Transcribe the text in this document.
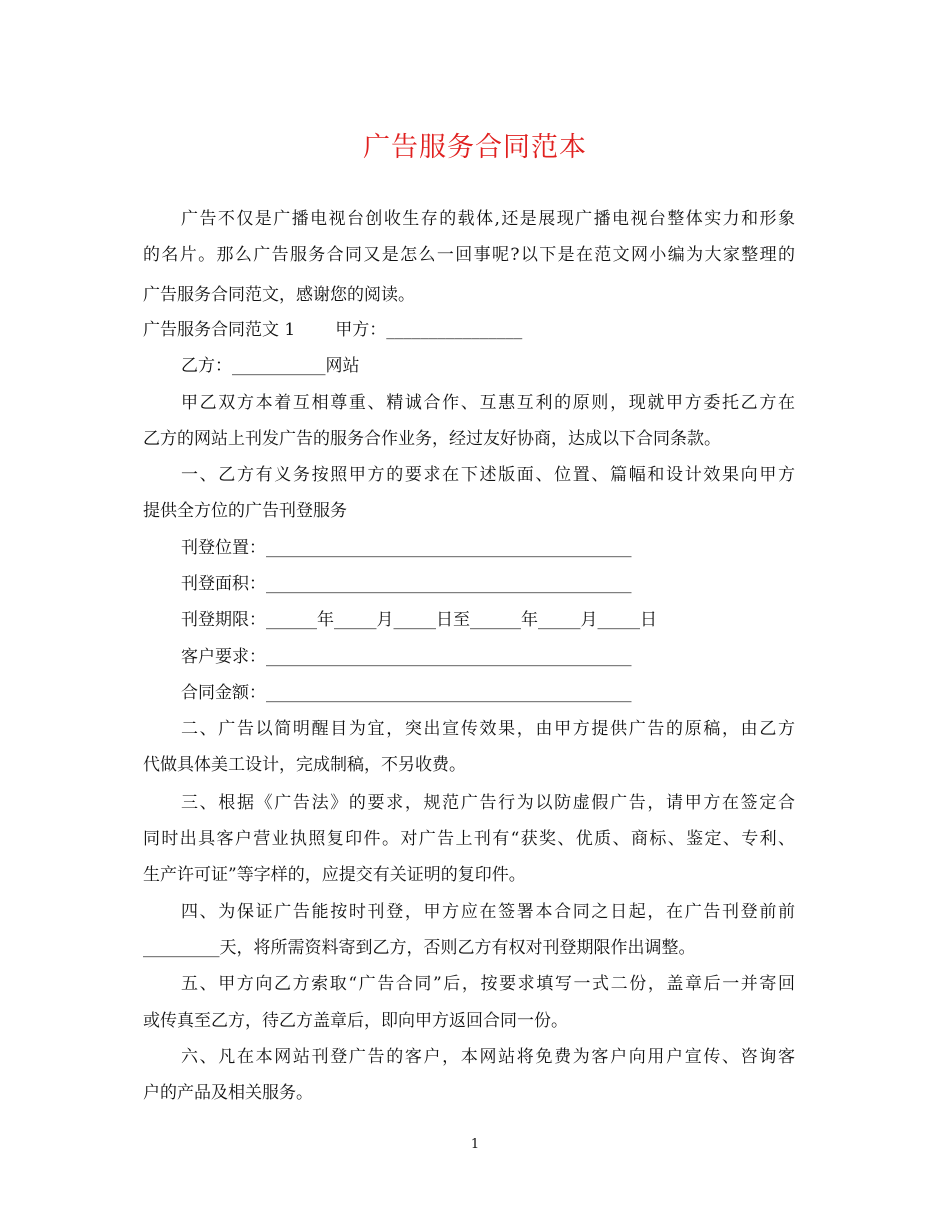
广告服务合同范本
广告不仅是广播电视台创收生存的载体,还是展现广播电视台整体实力和形象
的名片。那么广告服务合同又是怎么一回事呢?以下是在范文网小编为大家整理的
广告服务合同范文，感谢您的阅读。
广告服务合同范文 1 甲方：________________
乙方：___________网站
甲乙双方本着互相尊重、精诚合作、互惠互利的原则，现就甲方委托乙方在
乙方的网站上刊发广告的服务合作业务，经过友好协商，达成以下合同条款。
一、乙方有义务按照甲方的要求在下述版面、位置、篇幅和设计效果向甲方
提供全方位的广告刊登服务
刊登位置：___________________________________________
刊登面积：___________________________________________
刊登期限：______年_____月_____日至______年_____月_____日
客户要求：___________________________________________
合同金额：___________________________________________
二、广告以简明醒目为宜，突出宣传效果，由甲方提供广告的原稿，由乙方
代做具体美工设计，完成制稿，不另收费。
三、根据《广告法》的要求，规范广告行为以防虚假广告，请甲方在签定合
同时出具客户营业执照复印件。对广告上刊有“获奖、优质、商标、鉴定、专利、
生产许可证”等字样的，应提交有关证明的复印件。
四、为保证广告能按时刊登，甲方应在签署本合同之日起，在广告刊登前前
_________天，将所需资料寄到乙方，否则乙方有权对刊登期限作出调整。
五、甲方向乙方索取“广告合同”后，按要求填写一式二份，盖章后一并寄回
或传真至乙方，待乙方盖章后，即向甲方返回合同一份。
六、凡在本网站刊登广告的客户，本网站将免费为客户向用户宣传、咨询客
户的产品及相关服务。
1
